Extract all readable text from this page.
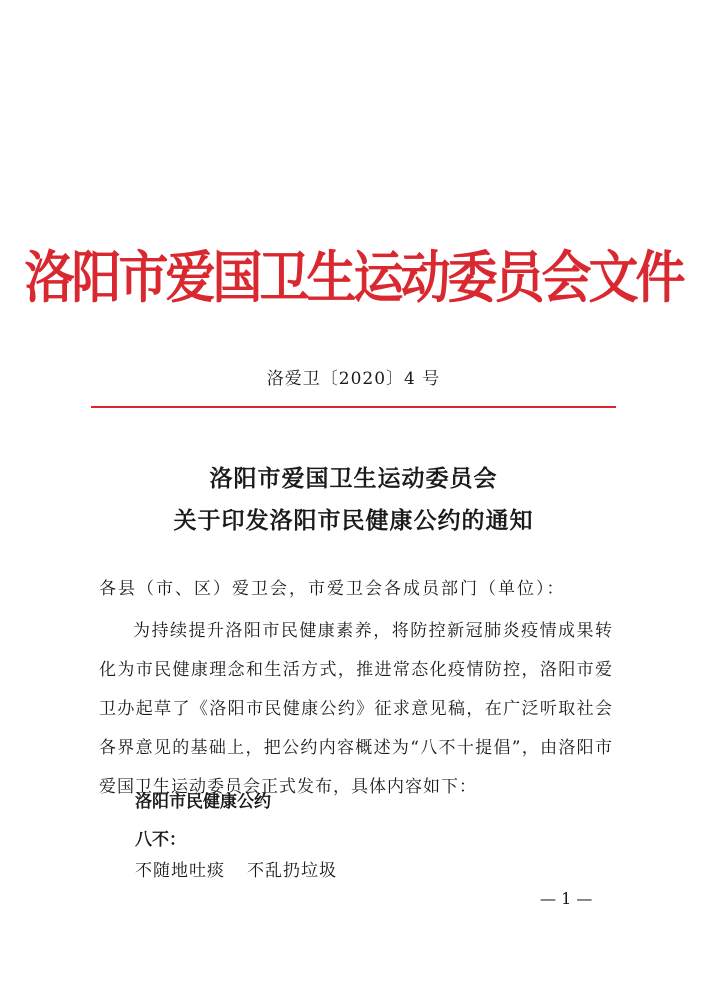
洛阳市爱国卫生运动委员会文件
洛爱卫〔2020〕4 号
洛阳市爱国卫生运动委员会
关于印发洛阳市民健康公约的通知
各县（市、区）爱卫会，市爱卫会各成员部门（单位）：

为持续提升洛阳市民健康素养，将防控新冠肺炎疫情成果转化为市民健康理念和生活方式，推进常态化疫情防控，洛阳市爱卫办起草了《洛阳市民健康公约》征求意见稿，在广泛听取社会各界意见的基础上，把公约内容概述为“八不十提倡”，由洛阳市爱国卫生运动委员会正式发布，具体内容如下：

洛阳市民健康公约
八不：
不随地吐痰 不乱扔垃圾
— 1 —
